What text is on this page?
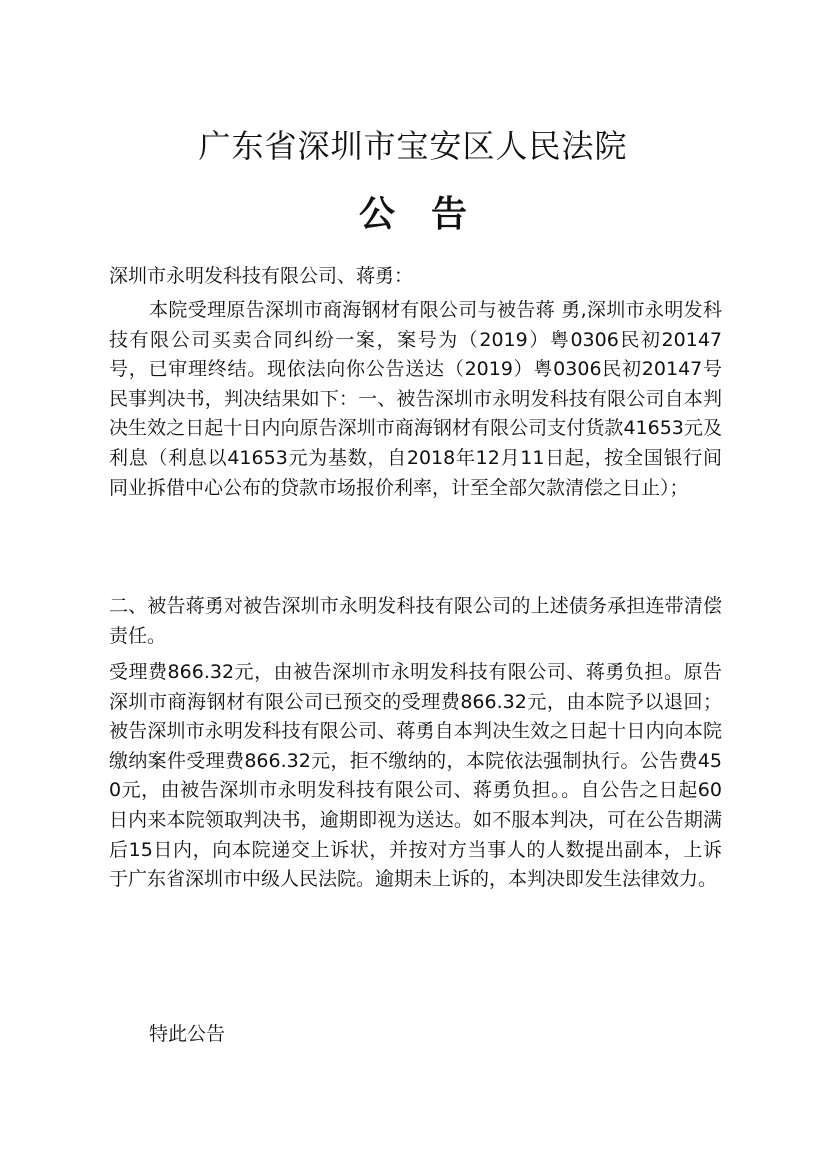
广东省深圳市宝安区人民法院
公告

深圳市永明发科技有限公司、蒋勇：

本院受理原告深圳市商海钢材有限公司与被告蒋 勇,深圳市永明发科技有限公司买卖合同纠纷一案，案号为（2019）粤0306民初20147号，已审理终结。现依法向你公告送达（2019）粤0306民初20147号民事判决书，判决结果如下：一、被告深圳市永明发科技有限公司自本判决生效之日起十日内向原告深圳市商海钢材有限公司支付货款41653元及利息（利息以41653元为基数，自2018年12月11日起，按全国银行间同业拆借中心公布的贷款市场报价利率，计至全部欠款清偿之日止）；

二、被告蒋勇对被告深圳市永明发科技有限公司的上述债务承担连带清偿责任。

受理费866.32元，由被告深圳市永明发科技有限公司、蒋勇负担。原告深圳市商海钢材有限公司已预交的受理费866.32元，由本院予以退回；被告深圳市永明发科技有限公司、蒋勇自本判决生效之日起十日内向本院缴纳案件受理费866.32元，拒不缴纳的，本院依法强制执行。公告费450元，由被告深圳市永明发科技有限公司、蒋勇负担。。自公告之日起60日内来本院领取判决书，逾期即视为送达。如不服本判决，可在公告期满后15日内，向本院递交上诉状，并按对方当事人的人数提出副本，上诉于广东省深圳市中级人民法院。逾期未上诉的，本判决即发生法律效力。

特此公告
